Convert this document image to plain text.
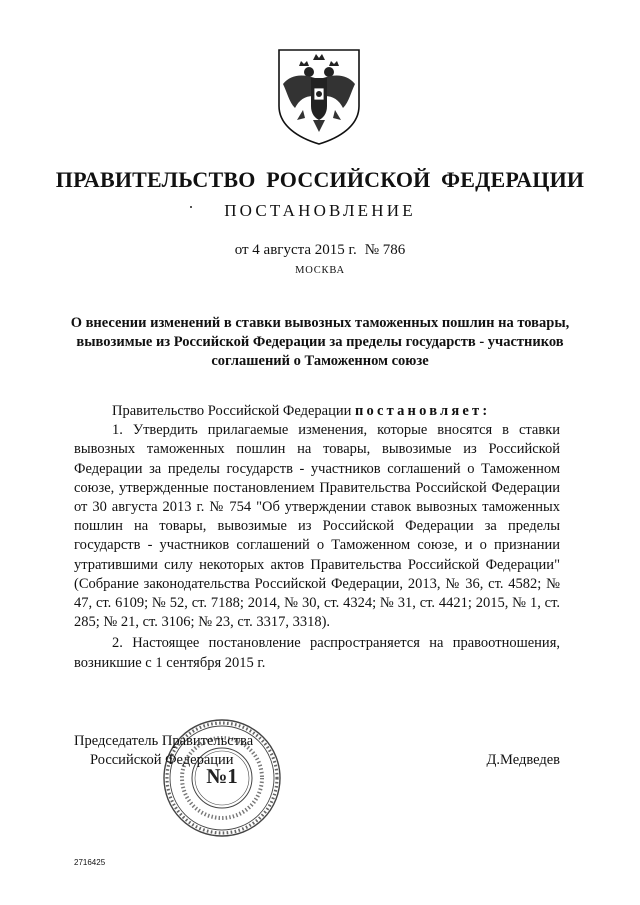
ПРАВИТЕЛЬСТВО РОССИЙСКОЙ ФЕДЕРАЦИИ
ПОСТАНОВЛЕНИЕ
от 4 августа 2015 г. № 786
МОСКВА
О внесении изменений в ставки вывозных таможенных пошлин на товары, вывозимые из Российской Федерации за пределы государств - участников соглашений о Таможенном союзе

Правительство Российской Федерации постановляет:

1. Утвердить прилагаемые изменения, которые вносятся в ставки вывозных таможенных пошлин на товары, вывозимые из Российской Федерации за пределы государств - участников соглашений о Таможенном союзе, утвержденные постановлением Правительства Российской Федерации от 30 августа 2013 г. № 754 "Об утверждении ставок вывозных таможенных пошлин на товары, вывозимые из Российской Федерации за пределы государств - участников соглашений о Таможенном союзе, и о признании утратившими силу некоторых актов Правительства Российской Федерации" (Собрание законодательства Российской Федерации, 2013, № 36, ст. 4582; № 47, ст. 6109; № 52, ст. 7188; 2014, № 30, ст. 4324; № 31, ст. 4421; 2015, № 1, ст. 285; № 21, ст. 3106; № 23, ст. 3317, 3318).

2. Настоящее постановление распространяется на правоотношения, возникшие с 1 сентября 2015 г.

№1
Председатель Правительства
Российской Федерации	Д.Медведев
2716425
